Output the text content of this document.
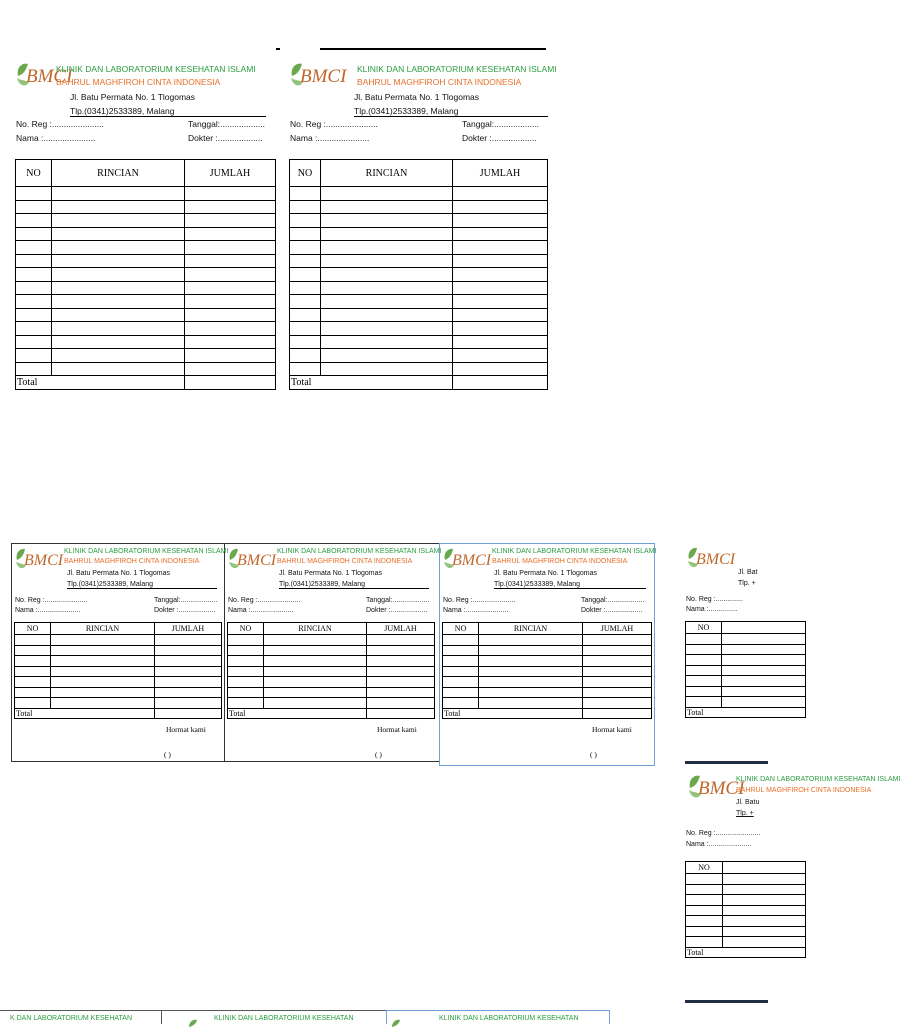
BMCI
KLINIK DAN LABORATORIUM KESEHATAN ISLAMI
BAHRUL MAGHFIROH CINTA INDONESIA
Jl. Batu Permata No. 1 Tlogomas
Tlp.(0341)2533389, Malang
No. Reg :......................	Tanggal:...................
Nama :......................	Dokter :...................
NO	RINCIAN	JUMLAH

Total		
BMCI KLINIK DAN LABORATORIUM KESEHATAN ISLAMI
BAHRUL MAGHFIROH CINTA INDONESIA
Jl. Batu Permata No. 1 Tlogomas
Tlp.(0341)2533389, Malang
No. Reg :......................	Tanggal:...................
Nama :......................	Dokter :...................
NO	RINCIAN	JUMLAH

Total		
BMCI
KLINIK DAN LABORATORIUM KESEHATAN ISLAMI
BAHRUL MAGHFIROH CINTA INDONESIA
Jl. Batu Permata No. 1 Tlogomas
Tlp.(0341)2533389, Malang
No. Reg :......................	Tanggal:...................
Nama :......................	Dokter :...................
NO	RINCIAN	JUMLAH

Total		
Hormat kami
( )
BMCI
KLINIK DAN LABORATORIUM KESEHATAN ISLAMI
BAHRUL MAGHFIROH CINTA INDONESIA
Jl. Batu Permata No. 1 Tlogomas
Tlp.(0341)2533389, Malang
No. Reg :......................	Tanggal:...................
Nama :......................	Dokter :...................
NO	RINCIAN	JUMLAH

Total		
Hormat kami
( )
BMCI
KLINIK DAN LABORATORIUM KESEHATAN ISLAMI
BAHRUL MAGHFIROH CINTA INDONESIA
Jl. Batu Permata No. 1 Tlogomas
Tlp.(0341)2533389, Malang
No. Reg :......................	Tanggal:...................
Nama :......................	Dokter :...................
NO	RINCIAN	JUMLAH

Total		
Hormat kami
( )
BMCI
Jl. Bat
Tlp. +
No. Reg :..............
Nama :...............
NO	

Total	
BMCI
KLINIK DAN LABORATORIUM KESEHATAN ISLAMI
BAHRUL MAGHFIROH CINTA INDONESIA
Jl. Batu
Tlp. +
No. Reg :.......................
Nama :......................
NO	

Total	
K DAN LABORATORIUM KESEHATAN	KLINIK DAN LABORATORIUM KESEHATAN	KLINIK DAN LABORATORIUM KESEHATAN
